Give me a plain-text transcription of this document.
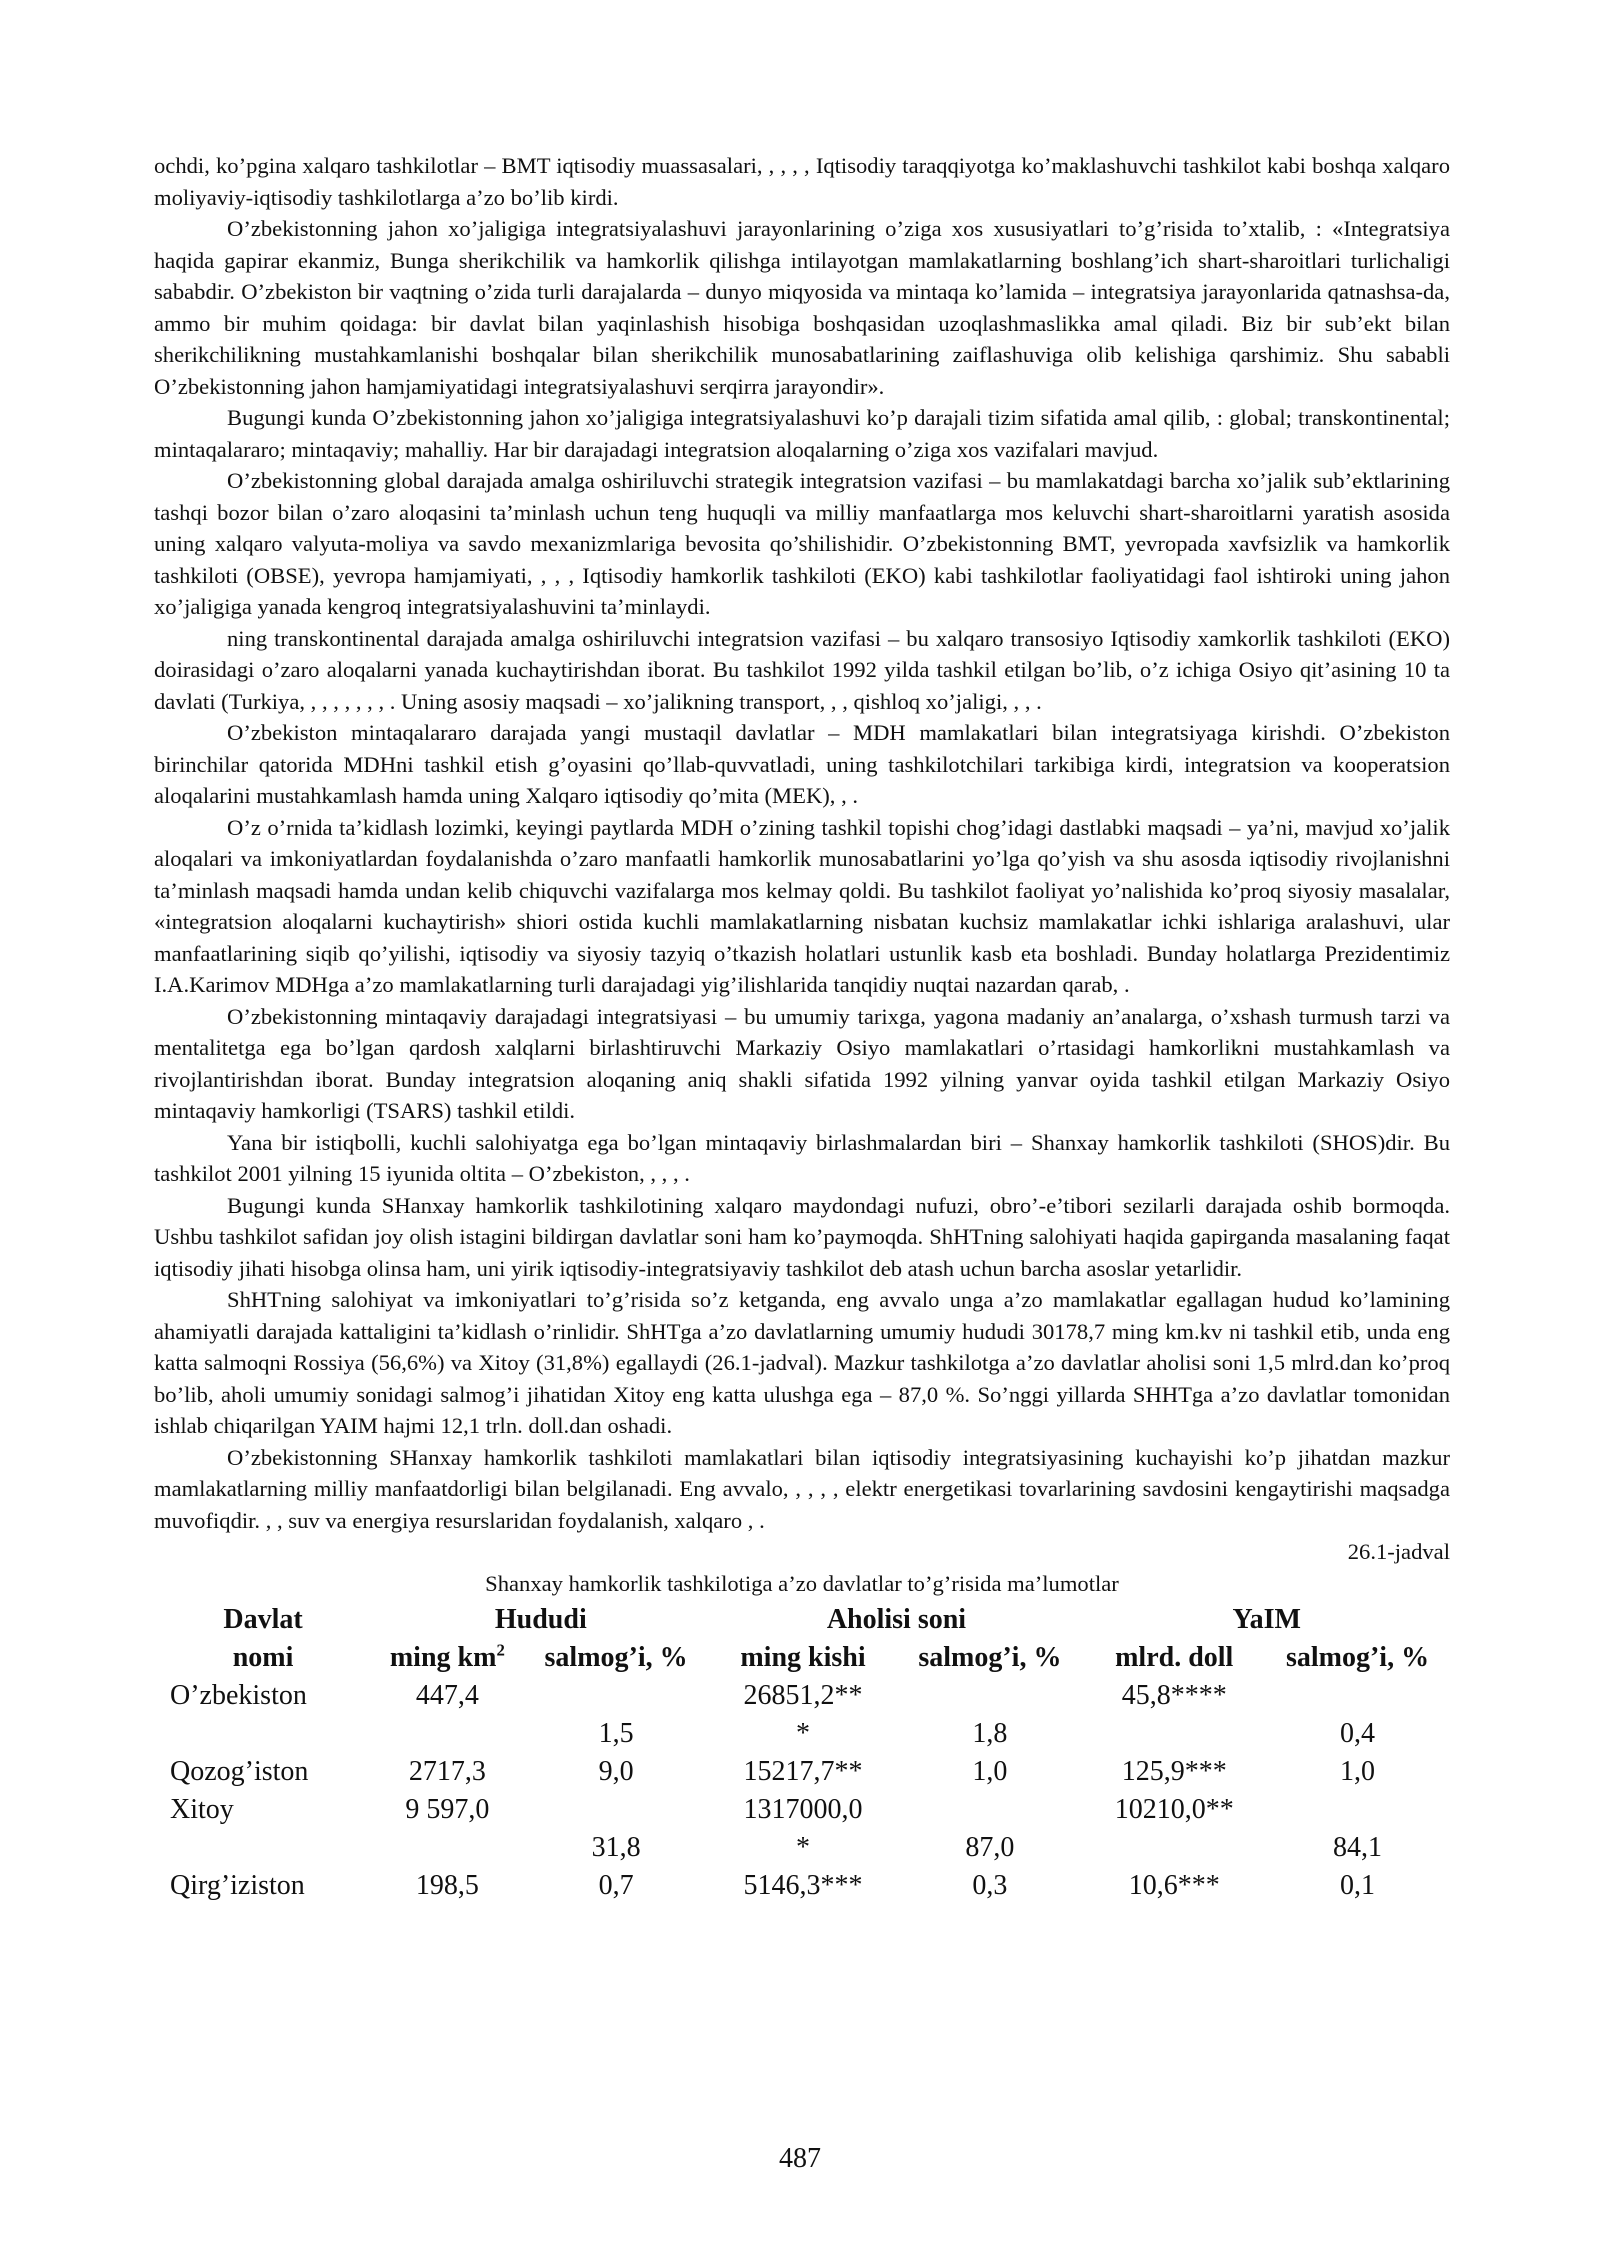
ochdi, ko’pgina xalqaro tashkilotlar – BMT iqtisodiy muassasalari, , , , , Iqtisodiy taraqqiyotga ko’maklashuvchi tashkilot kabi boshqa xalqaro moliyaviy-iqtisodiy tashkilotlarga a’zo bo’lib kirdi.

O’zbekistonning jahon xo’jaligiga integratsiyalashuvi jarayonlarining o’ziga xos xususiyatlari to’g’risida to’xtalib, : «Integratsiya haqida gapirar ekanmiz, Bunga sherikchilik va hamkorlik qilishga intilayotgan mamlakatlarning boshlang’ich shart-sharoitlari turlichaligi sababdir. O’zbekiston bir vaqtning o’zida turli darajalarda – dunyo miqyosida va mintaqa ko’lamida – integratsiya jarayonlarida qatnashsa-da, ammo bir muhim qoidaga: bir davlat bilan yaqinlashish hisobiga boshqasidan uzoqlashmaslikka amal qiladi. Biz bir sub’ekt bilan sherikchilikning mustahkamlanishi boshqalar bilan sherikchilik munosabatlarining zaiflashuviga olib kelishiga qarshimiz. Shu sababli O’zbekistonning jahon hamjamiyatidagi integratsiyalashuvi serqirra jarayondir».

Bugungi kunda O’zbekistonning jahon xo’jaligiga integratsiyalashuvi ko’p darajali tizim sifatida amal qilib, : global; transkontinental; mintaqalararo; mintaqaviy; mahalliy. Har bir darajadagi integratsion aloqalarning o’ziga xos vazifalari mavjud.

O’zbekistonning global darajada amalga oshiriluvchi strategik integratsion vazifasi – bu mamlakatdagi barcha xo’jalik sub’ektlarining tashqi bozor bilan o’zaro aloqasini ta’minlash uchun teng huquqli va milliy manfaatlarga mos keluvchi shart-sharoitlarni yaratish asosida uning xalqaro valyuta-moliya va savdo mexanizmlariga bevosita qo’shilishidir. O’zbekistonning BMT, yevropada xavfsizlik va hamkorlik tashkiloti (OBSE), yevropa hamjamiyati, , , , Iqtisodiy hamkorlik tashkiloti (EKO) kabi tashkilotlar faoliyatidagi faol ishtiroki uning jahon xo’jaligiga yanada kengroq integratsiyalashuvini ta’minlaydi.

ning transkontinental darajada amalga oshiriluvchi integratsion vazifasi – bu xalqaro transosiyo Iqtisodiy xamkorlik tashkiloti (EKO) doirasidagi o’zaro aloqalarni yanada kuchaytirishdan iborat. Bu tashkilot 1992 yilda tashkil etilgan bo’lib, o’z ichiga Osiyo qit’asining 10 ta davlati (Turkiya, , , , , , , , . Uning asosiy maqsadi – xo’jalikning transport, , , qishloq xo’jaligi, , , .

O’zbekiston mintaqalararo darajada yangi mustaqil davlatlar – MDH mamlakatlari bilan integratsiyaga kirishdi. O’zbekiston birinchilar qatorida MDHni tashkil etish g’oyasini qo’llab-quvvatladi, uning tashkilotchilari tarkibiga kirdi, integratsion va kooperatsion aloqalarini mustahkamlash hamda uning Xalqaro iqtisodiy qo’mita (MEK), , .

O’z o’rnida ta’kidlash lozimki, keyingi paytlarda MDH o’zining tashkil topishi chog’idagi dastlabki maqsadi – ya’ni, mavjud xo’jalik aloqalari va imkoniyatlardan foydalanishda o’zaro manfaatli hamkorlik munosabatlarini yo’lga qo’yish va shu asosda iqtisodiy rivojlanishni ta’minlash maqsadi hamda undan kelib chiquvchi vazifalarga mos kelmay qoldi. Bu tashkilot faoliyat yo’nalishida ko’proq siyosiy masalalar, «integratsion aloqalarni kuchaytirish» shiori ostida kuchli mamlakatlarning nisbatan kuchsiz mamlakatlar ichki ishlariga aralashuvi, ular manfaatlarining siqib qo’yilishi, iqtisodiy va siyosiy tazyiq o’tkazish holatlari ustunlik kasb eta boshladi. Bunday holatlarga Prezidentimiz I.A.Karimov MDHga a’zo mamlakatlarning turli darajadagi yig’ilishlarida tanqidiy nuqtai nazardan qarab, .

O’zbekistonning mintaqaviy darajadagi integratsiyasi – bu umumiy tarixga, yagona madaniy an’analarga, o’xshash turmush tarzi va mentalitetga ega bo’lgan qardosh xalqlarni birlashtiruvchi Markaziy Osiyo mamlakatlari o’rtasidagi hamkorlikni mustahkamlash va rivojlantirishdan iborat. Bunday integratsion aloqaning aniq shakli sifatida 1992 yilning yanvar oyida tashkil etilgan Markaziy Osiyo mintaqaviy hamkorligi (TSARS) tashkil etildi.

Yana bir istiqbolli, kuchli salohiyatga ega bo’lgan mintaqaviy birlashmalardan biri – Shanxay hamkorlik tashkiloti (SHOS)dir. Bu tashkilot 2001 yilning 15 iyunida oltita – O’zbekiston, , , , .

Bugungi kunda SHanxay hamkorlik tashkilotining xalqaro maydondagi nufuzi, obro’-e’tibori sezilarli darajada oshib bormoqda. Ushbu tashkilot safidan joy olish istagini bildirgan davlatlar soni ham ko’paymoqda. ShHTning salohiyati haqida gapirganda masalaning faqat iqtisodiy jihati hisobga olinsa ham, uni yirik iqtisodiy-integratsiyaviy tashkilot deb atash uchun barcha asoslar yetarlidir.

ShHTning salohiyat va imkoniyatlari to’g’risida so’z ketganda, eng avvalo unga a’zo mamlakatlar egallagan hudud ko’lamining ahamiyatli darajada kattaligini ta’kidlash o’rinlidir. ShHTga a’zo davlatlarning umumiy hududi 30178,7 ming km.kv ni tashkil etib, unda eng katta salmoqni Rossiya (56,6%) va Xitoy (31,8%) egallaydi (26.1-jadval). Mazkur tashkilotga a’zo davlatlar aholisi soni 1,5 mlrd.dan ko’proq bo’lib, aholi umumiy sonidagi salmog’i jihatidan Xitoy eng katta ulushga ega – 87,0 %. So’nggi yillarda SHHTga a’zo davlatlar tomonidan ishlab chiqarilgan YAIM hajmi 12,1 trln. doll.dan oshadi.

O’zbekistonning SHanxay hamkorlik tashkiloti mamlakatlari bilan iqtisodiy integratsiyasining kuchayishi ko’p jihatdan mazkur mamlakatlarning milliy manfaatdorligi bilan belgilanadi. Eng avvalo, , , , , elektr energetikasi tovarlarining savdosini kengaytirishi maqsadga muvofiqdir. , , suv va energiya resurslaridan foydalanish, xalqaro , .

26.1-jadval

Shanxay hamkorlik tashkilotiga a’zo davlatlar to’g’risida ma’lumotlar

Davlat	Hududi		Aholisi soni		YaIM	
nomi	ming $km^2$	salmog’i, %	ming kishi	salmog’i, %	mlrd. doll	salmog’i, %
O’zbekiston	447,4		26851,2**		45,8****	
		1,5	*	1,8		0,4
Qozog’iston	2717,3	9,0	15217,7**	1,0	125,9***	1,0
Xitoy	9 597,0		1317000,0		10210,0**	
		31,8	*	87,0		84,1
Qirg’iziston	198,5	0,7	5146,3***	0,3	10,6***	0,1
487
